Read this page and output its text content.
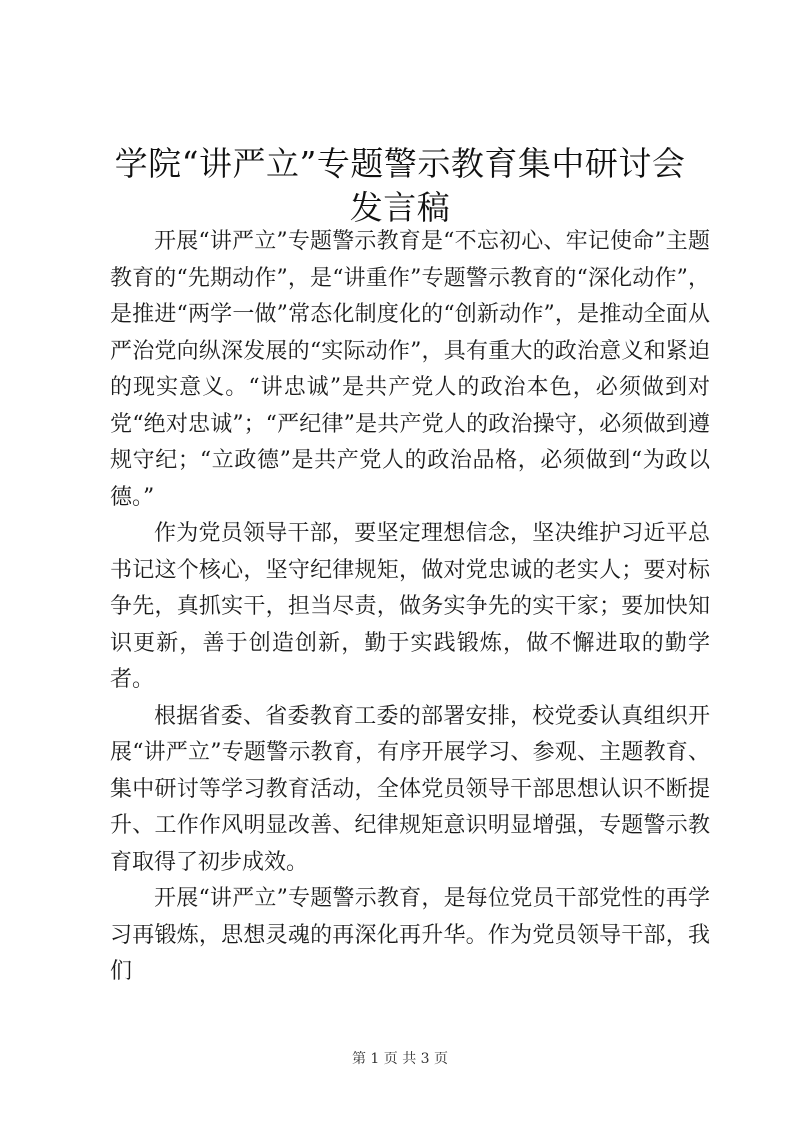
学院“讲严立”专题警示教育集中研讨会发言稿

开展“讲严立”专题警示教育是“不忘初心、牢记使命”主题教育的“先期动作”，是“讲重作”专题警示教育的“深化动作”，是推进“两学一做”常态化制度化的“创新动作”，是推动全面从严治党向纵深发展的“实际动作”，具有重大的政治意义和紧迫的现实意义。“讲忠诚”是共产党人的政治本色，必须做到对党“绝对忠诚”；“严纪律”是共产党人的政治操守，必须做到遵规守纪；“立政德”是共产党人的政治品格，必须做到“为政以德。”

作为党员领导干部，要坚定理想信念，坚决维护习近平总书记这个核心，坚守纪律规矩，做对党忠诚的老实人；要对标争先，真抓实干，担当尽责，做务实争先的实干家；要加快知识更新，善于创造创新，勤于实践锻炼，做不懈进取的勤学者。

根据省委、省委教育工委的部署安排，校党委认真组织开展“讲严立”专题警示教育，有序开展学习、参观、主题教育、集中研讨等学习教育活动，全体党员领导干部思想认识不断提升、工作作风明显改善、纪律规矩意识明显增强，专题警示教育取得了初步成效。

开展“讲严立”专题警示教育，是每位党员干部党性的再学习再锻炼，思想灵魂的再深化再升华。作为党员领导干部，我们

第 1 页 共 3 页
